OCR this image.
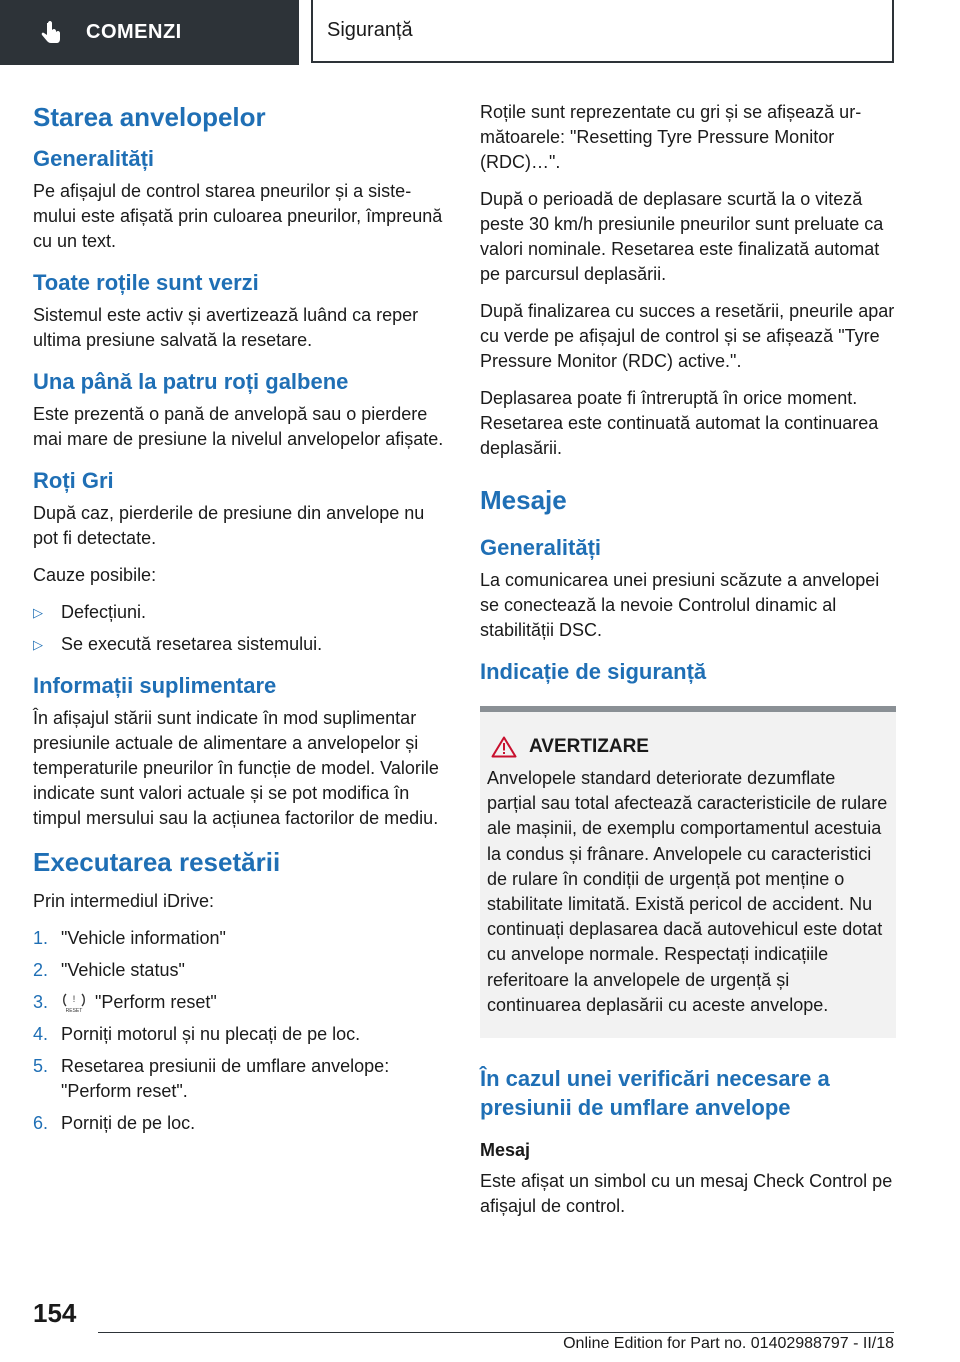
COMENZI	Siguranță
Starea anvelopelor
Generalități

Pe afișajul de control starea pneurilor și a sistemului este afișată prin culoarea pneurilor, împreună cu un text.

Toate roțile sunt verzi

Sistemul este activ și avertizează luând ca reper ultima presiune salvată la resetare.

Una până la patru roți galbene

Este prezentă o pană de anvelopă sau o pierdere mai mare de presiune la nivelul anvelopelor afișate.

Roți Gri

După caz, pierderile de presiune din anvelope nu pot fi detectate.

Cauze posibile:

▷	Defecțiuni.
▷	Se execută resetarea sistemului.
Informații suplimentare

În afișajul stării sunt indicate în mod suplimentar presiunile actuale de alimentare a anvelopelor și temperaturile pneurilor în funcție de model. Valorile indicate sunt valori actuale și se pot modifica în timpul mersului sau la acțiunea factorilor de mediu.

Executarea resetării

Prin intermediul iDrive:

1. "Vehicle information"
2. "Vehicle status"
3.	!
RESET "Perform reset"
4. Porniți motorul și nu plecați de pe loc.
5. Resetarea presiunii de umflare anvelope: "Perform reset".
6. Porniți de pe loc.

Roțile sunt reprezentate cu gri și se afișează următoarele: "Resetting Tyre Pressure Monitor (RDC)…".

După o perioadă de deplasare scurtă la o viteză peste 30 km/h presiunile pneurilor sunt preluate ca valori nominale. Resetarea este finalizată automat pe parcursul deplasării.

După finalizarea cu succes a resetării, pneurile apar cu verde pe afișajul de control și se afișează "Tyre Pressure Monitor (RDC) active.".

Deplasarea poate fi întreruptă în orice moment. Resetarea este continuată automat la continuarea deplasării.

Mesaje
Generalități

La comunicarea unei presiuni scăzute a anvelopei se conectează la nevoie Controlul dinamic al stabilității DSC.

Indicație de siguranță
AVERTIZARE

Anvelopele standard deteriorate dezumflate parțial sau total afectează caracteristicile de rulare ale mașinii, de exemplu comportamentul acestuia la condus și frânare. Anvelopele cu caracteristici de rulare în condiții de urgență pot menține o stabilitate limitată. Există pericol de accident. Nu continuați deplasarea dacă autovehicul este dotat cu anvelope normale. Respectați indicațiile referitoare la anvelopele de urgență și continuarea deplasării cu aceste anvelope.

În cazul unei verificări necesare a presiunii de umflare anvelope
Mesaj

Este afișat un simbol cu un mesaj Check Control pe afișajul de control.

154
Online Edition for Part no. 01402988797 - II/18
